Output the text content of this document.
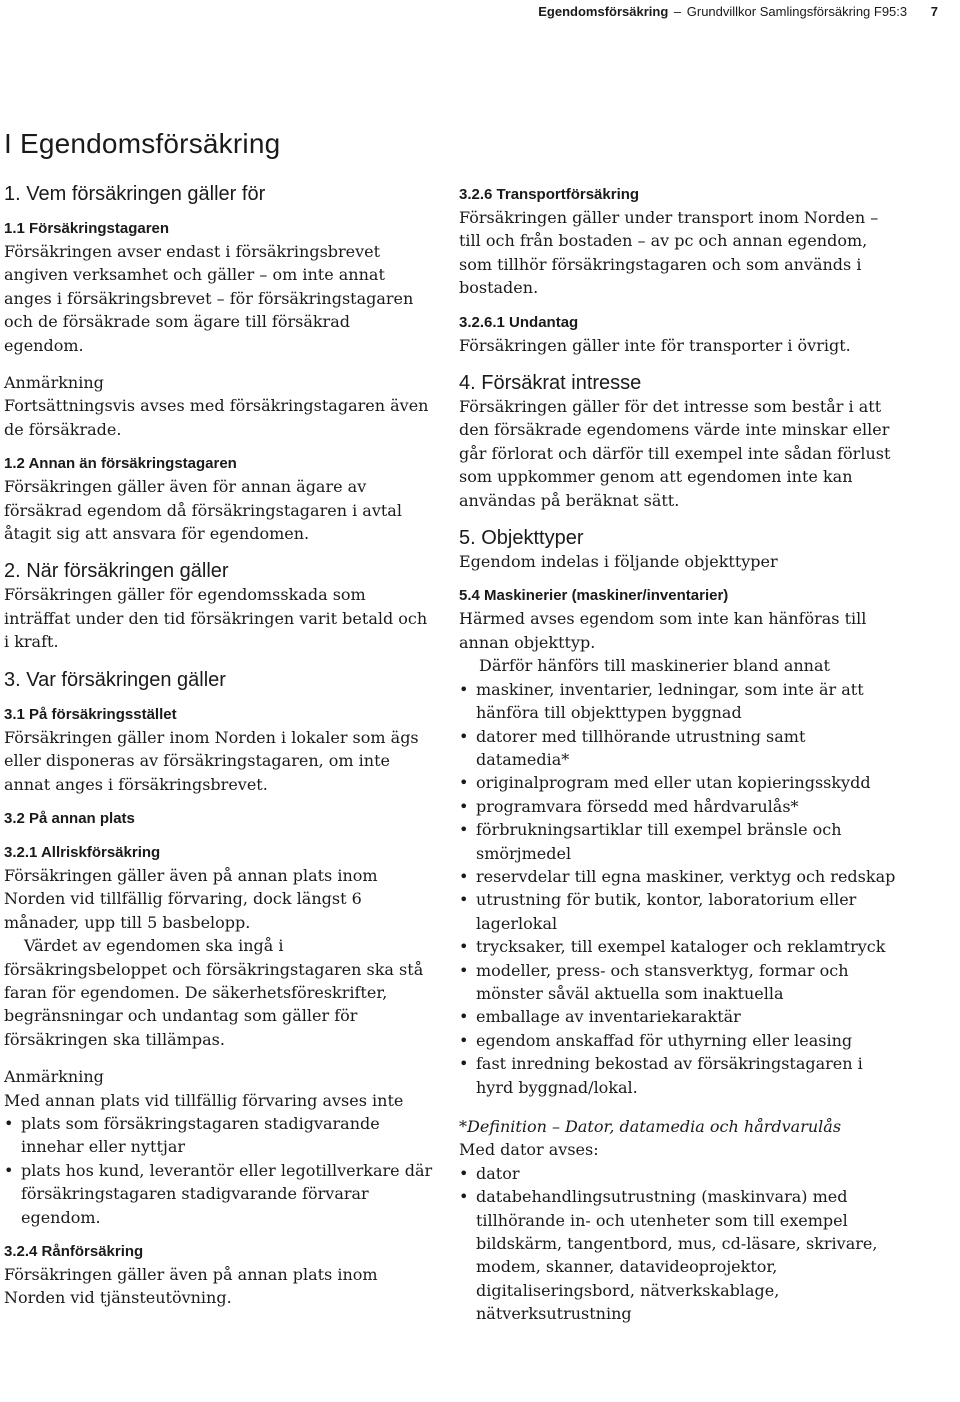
Egendomsförsäkring – Grundvillkor Samlingsförsäkring F95:3 7
I Egendomsförsäkring
1. Vem försäkringen gäller för
1.1 Försäkringstagaren

Försäkringen avser endast i försäkringsbrevet angiven verksamhet och gäller – om inte annat anges i försäkringsbrevet – för försäkringstagaren och de försäkrade som ägare till försäkrad egendom.

Anmärkning

Fortsättningsvis avses med försäkringstagaren även de försäkrade.

1.2 Annan än försäkringstagaren

Försäkringen gäller även för annan ägare av försäkrad egendom då försäkringstagaren i avtal åtagit sig att ansvara för egendomen.

2. När försäkringen gäller

Försäkringen gäller för egendomsskada som inträffat under den tid försäkringen varit betald och i kraft.

3. Var försäkringen gäller
3.1 På försäkringsstället

Försäkringen gäller inom Norden i lokaler som ägs eller disponeras av försäkringstagaren, om inte annat anges i försäkringsbrevet.

3.2 På annan plats
3.2.1 Allriskförsäkring

Försäkringen gäller även på annan plats inom Norden vid tillfällig förvaring, dock längst 6 månader, upp till 5 basbelopp.

Värdet av egendomen ska ingå i försäkringsbeloppet och försäkringstagaren ska stå faran för egendomen. De säkerhetsföreskrifter, begränsningar och undantag som gäller för försäkringen ska tillämpas.

Anmärkning

Med annan plats vid tillfällig förvaring avses inte

• plats som försäkringstagaren stadigvarande innehar eller nyttjar
• plats hos kund, leverantör eller legotillverkare där försäkringstagaren stadigvarande förvarar egendom.
3.2.4 Rånförsäkring

Försäkringen gäller även på annan plats inom Norden vid tjänsteutövning.

3.2.6 Transportförsäkring

Försäkringen gäller under transport inom Norden – till och från bostaden – av pc och annan egendom, som tillhör försäkringstagaren och som används i bostaden.

3.2.6.1 Undantag

Försäkringen gäller inte för transporter i övrigt.

4. Försäkrat intresse

Försäkringen gäller för det intresse som består i att den försäkrade egendomens värde inte minskar eller går förlorat och därför till exempel inte sådan förlust som uppkommer genom att egendomen inte kan användas på beräknat sätt.

5. Objekttyper

Egendom indelas i följande objekttyper

5.4 Maskinerier (maskiner/inventarier)

Härmed avses egendom som inte kan hänföras till annan objekttyp.

Därför hänförs till maskinerier bland annat

• maskiner, inventarier, ledningar, som inte är att hänföra till objekttypen byggnad
• datorer med tillhörande utrustning samt datamedia*
• originalprogram med eller utan kopieringsskydd
• programvara försedd med hårdvarulås*
• förbrukningsartiklar till exempel bränsle och smörjmedel
• reservdelar till egna maskiner, verktyg och redskap
• utrustning för butik, kontor, laboratorium eller lagerlokal
• trycksaker, till exempel kataloger och reklamtryck
• modeller, press- och stansverktyg, formar och mönster såväl aktuella som inaktuella
• emballage av inventariekaraktär
• egendom anskaffad för uthyrning eller leasing
• fast inredning bekostad av försäkringstagaren i hyrd byggnad/lokal.
*Definition – Dator, datamedia och hårdvarulås

Med dator avses:

• dator
• databehandlingsutrustning (maskinvara) med tillhörande in- och utenheter som till exempel bildskärm, tangentbord, mus, cd-läsare, skrivare, modem, skanner, datavideoprojektor, digitaliseringsbord, nätverkskablage, nätverksutrustning
